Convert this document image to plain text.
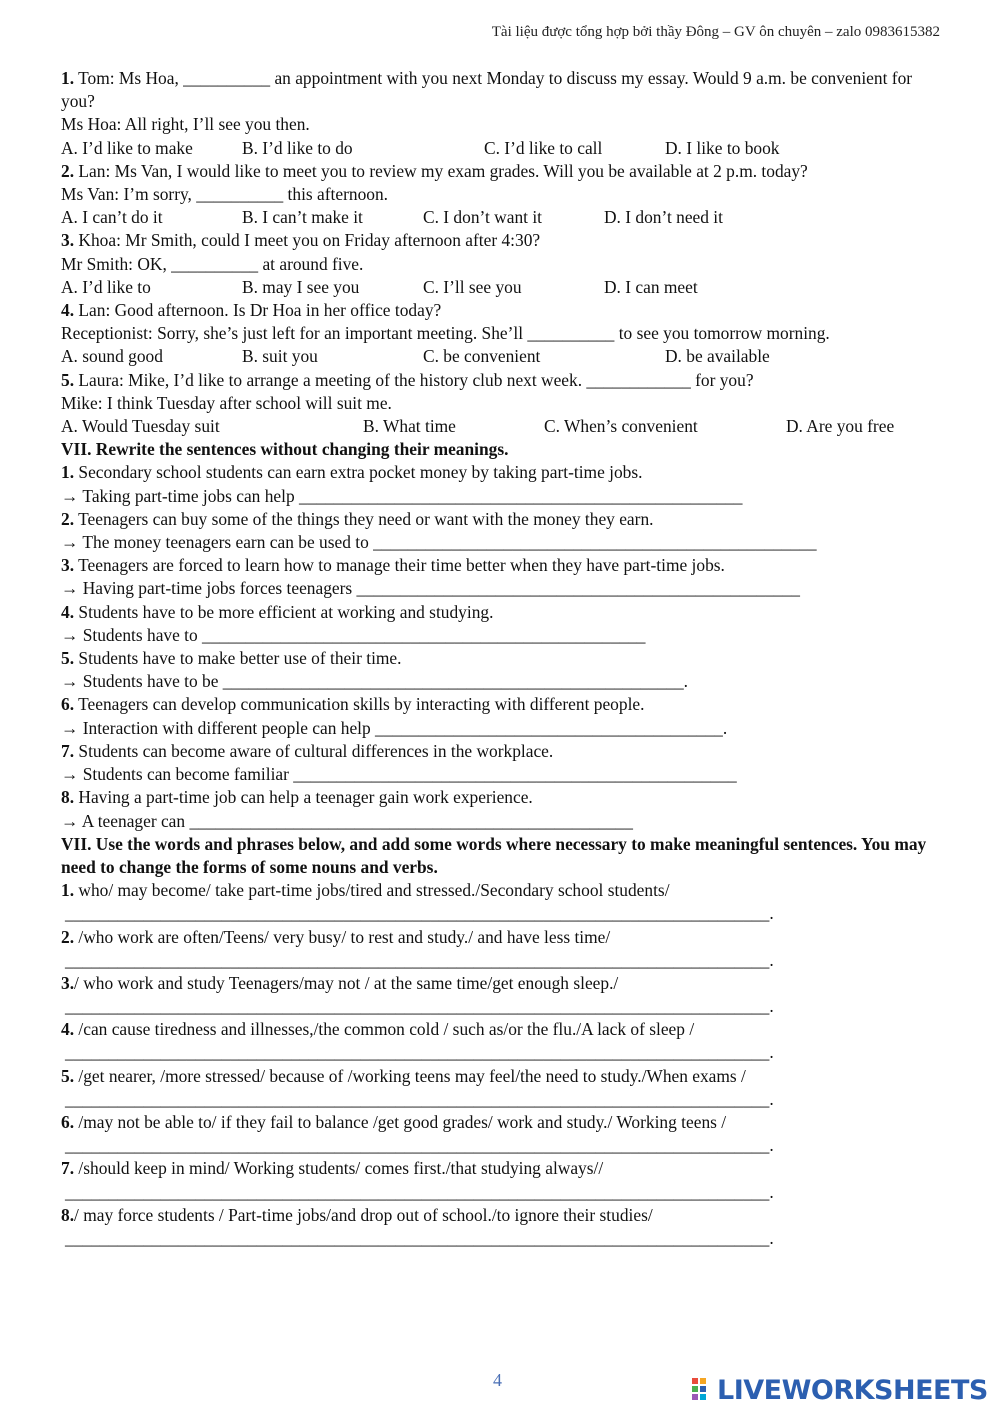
Tài liệu được tổng hợp bởi thầy Đông – GV ôn chuyên – zalo 0983615382
1. Tom: Ms Hoa, __________ an appointment with you next Monday to discuss my essay. Would 9 a.m. be convenient for you?
Ms Hoa: All right, I’ll see you then.
A. I’d like to make	B. I’d like to do	C. I’d like to call	D. I like to book
2. Lan: Ms Van, I would like to meet you to review my exam grades. Will you be available at 2 p.m. today?
Ms Van: I’m sorry, __________ this afternoon.
A. I can’t do it	B. I can’t make it	C. I don’t want it	D. I don’t need it
3. Khoa: Mr Smith, could I meet you on Friday afternoon after 4:30?
Mr Smith: OK, __________ at around five.
A. I’d like to	B. may I see you	C. I’ll see you	D. I can meet
4. Lan: Good afternoon. Is Dr Hoa in her office today?
Receptionist: Sorry, she’s just left for an important meeting. She’ll __________ to see you tomorrow morning.
A. sound good	B. suit you	C. be convenient	D. be available
5. Laura: Mike, I’d like to arrange a meeting of the history club next week. ____________ for you?
Mike: I think Tuesday after school will suit me.
A. Would Tuesday suit	B. What time	C. When’s convenient	D. Are you free
VII. Rewrite the sentences without changing their meanings.
1. Secondary school students can earn extra pocket money by taking part-time jobs.
→ Taking part-time jobs can help ___________________________________________________
2. Teenagers can buy some of the things they need or want with the money they earn.
→ The money teenagers earn can be used to ___________________________________________________
3. Teenagers are forced to learn how to manage their time better when they have part-time jobs.
→ Having part-time jobs forces teenagers ___________________________________________________
4. Students have to be more efficient at working and studying.
→ Students have to ___________________________________________________
5. Students have to make better use of their time.
→ Students have to be _____________________________________________________.
6. Teenagers can develop communication skills by interacting with different people.
→ Interaction with different people can help ________________________________________.
7. Students can become aware of cultural differences in the workplace.
→ Students can become familiar ___________________________________________________
8. Having a part-time job can help a teenager gain work experience.
→ A teenager can ___________________________________________________
VII. Use the words and phrases below, and add some words where necessary to make meaningful sentences. You may need to change the forms of some nouns and verbs.
1. who/ may become/ take part-time jobs/tired and stressed./Secondary school students/
_________________________________________________________________________________.
2. /who work are often/Teens/ very busy/ to rest and study./ and have less time/
_________________________________________________________________________________.
3./ who work and study Teenagers/may not / at the same time/get enough sleep./
_________________________________________________________________________________.
4. /can cause tiredness and illnesses,/the common cold / such as/or the flu./A lack of sleep /
_________________________________________________________________________________.
5. /get nearer, /more stressed/ because of /working teens may feel/the need to study./When exams /
_________________________________________________________________________________.
6. /may not be able to/ if they fail to balance /get good grades/ work and study./ Working teens /
_________________________________________________________________________________.
7. /should keep in mind/ Working students/ comes first./that studying always//
_________________________________________________________________________________.
8./ may force students / Part-time jobs/and drop out of school./to ignore their studies/
_________________________________________________________________________________.
4	LIVEWORKSHEETS
